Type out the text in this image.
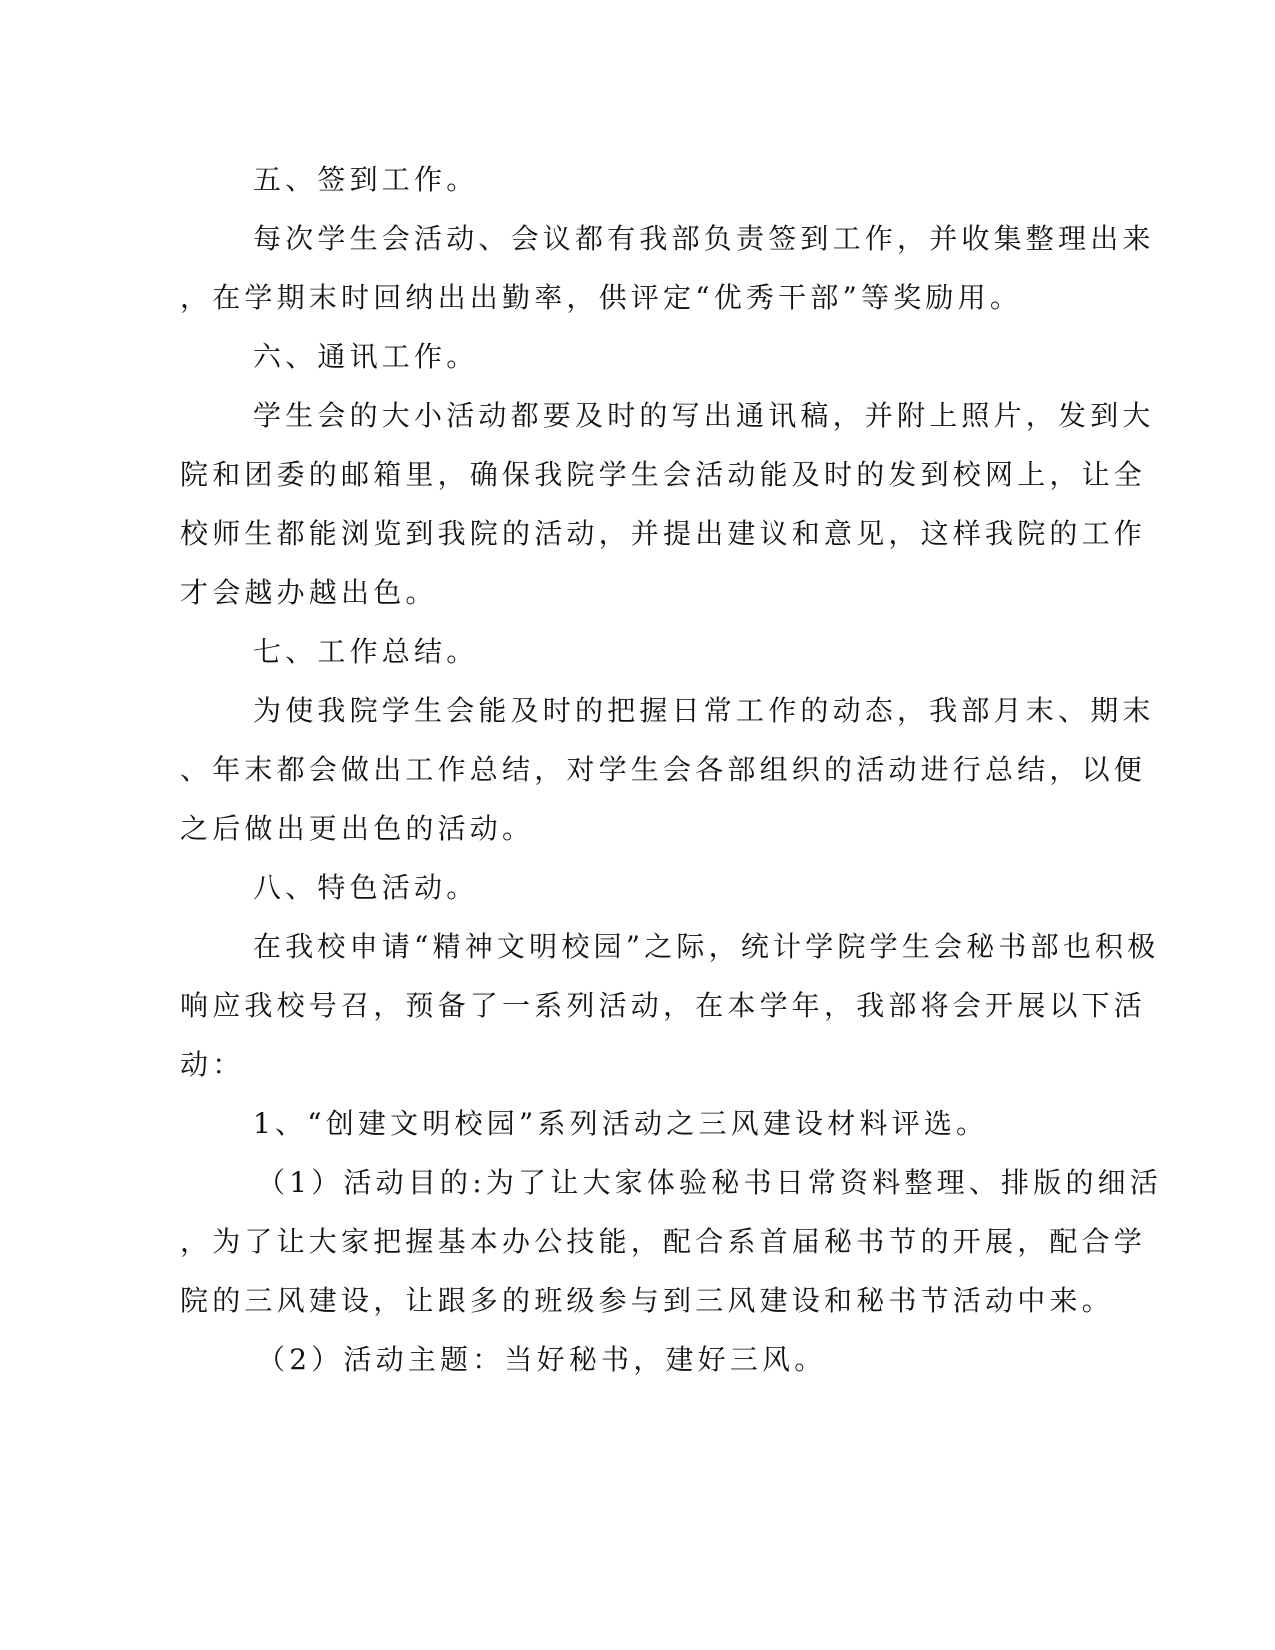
五、签到工作。
每次学生会活动、会议都有我部负责签到工作，并收集整理出来
，在学期末时回纳出出勤率，供评定“优秀干部”等奖励用。
六、通讯工作。
学生会的大小活动都要及时的写出通讯稿，并附上照片，发到大
院和团委的邮箱里，确保我院学生会活动能及时的发到校网上，让全
校师生都能浏览到我院的活动，并提出建议和意见，这样我院的工作
才会越办越出色。
七、工作总结。
为使我院学生会能及时的把握日常工作的动态，我部月末、期末
、年末都会做出工作总结，对学生会各部组织的活动进行总结，以便
之后做出更出色的活动。
八、特色活动。
在我校申请“精神文明校园”之际，统计学院学生会秘书部也积极
响应我校号召，预备了一系列活动，在本学年，我部将会开展以下活
动：
1、“创建文明校园”系列活动之三风建设材料评选。
（1）活动目的:为了让大家体验秘书日常资料整理、排版的细活
，为了让大家把握基本办公技能，配合系首届秘书节的开展，配合学
院的三风建设，让跟多的班级参与到三风建设和秘书节活动中来。
（2）活动主题：当好秘书，建好三风。
